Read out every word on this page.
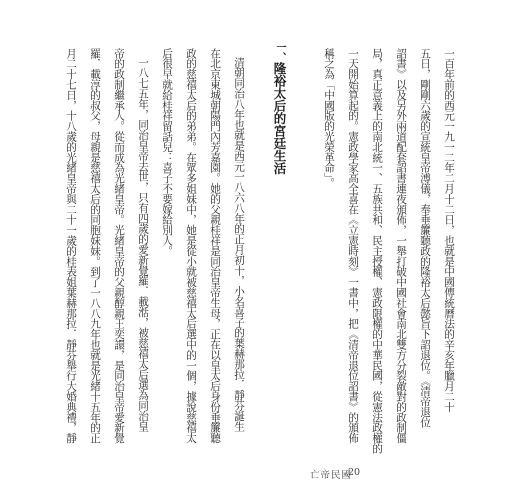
一百年前的西元一九一二年二月十二日，也就是中國傳統曆法的辛亥年臘月二十
五日，剛剛六歲的宣統皇帝溥儀，奉垂簾聽政的隆裕太后懿旨下詔退位。《清帝退位
詔書》以及另外兩道配套詔書連夜頒佈，一舉打破中國社會南北雙方分裂敵對的政制僵
局，真正意義上的南北統一、五族共和、民主授權、憲政限權的中華民國，從憲法政權的
一天開始算起的。憲政學家高全喜在《立憲時刻》一書中，把《清帝退位詔書》的頒佈
稱之為「中國版的光榮革命」。
一、隆裕太后的宮廷生活
清朝同治八年也就是西元一八六八年的正月初十，小名喜子的葉赫那拉．靜芬誕生
在北京東城朝陽門內芳嘉園。她的父親桂祥是同治皇帝生母，正在以皇太后身份垂簾聽
政的慈禧太后的弟弟。在眾多姐妹中，她是從小就被慈禧太后選中的一個，據說慈禧太
后很早就給桂祥留話兒：喜子不要嫁給別人。
一八七五年，同治皇帝去世，只有四歲的愛新覺羅．載湉，被慈禧太后選為同治皇
帝的政制繼承人。從而成為光緒皇帝。光緒皇帝的父親醇親王奕譞，是同治皇帝愛新覺
羅．載淳的叔父，母親是慈禧太后的同胞妹妹。到了一八八九年也就是光緒十五年的正
月二十七日，十八歲的光緒皇帝與二十一歲的桂表姐葉赫那拉．靜芬舉行大婚典禮，靜
亡帝民國
20
